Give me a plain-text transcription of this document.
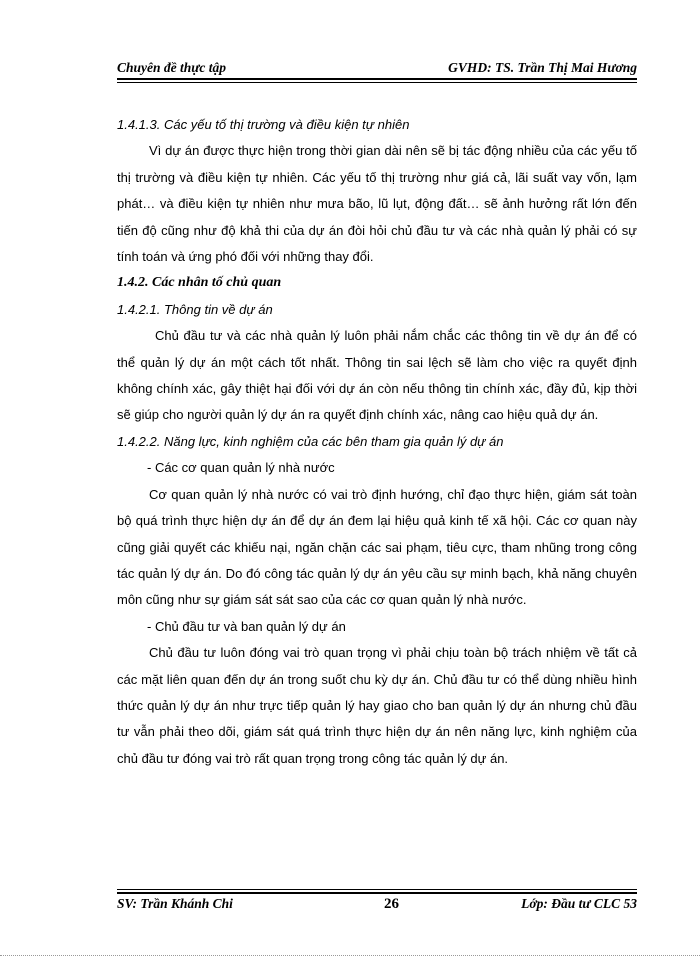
Chuyên đề thực tập	GVHD: TS. Trần Thị Mai Hương

1.4.1.3. Các yếu tố thị trường và điều kiện tự nhiên

Vì dự án được thực hiện trong thời gian dài nên sẽ bị tác động nhiều của các yếu tố thị trường và điều kiện tự nhiên. Các yếu tố thị trường như giá cả, lãi suất vay vốn, lạm phát… và điều kiện tự nhiên như mưa bão, lũ lụt, động đất… sẽ ảnh hưởng rất lớn đến tiến độ cũng như độ khả thi của dự án đòi hỏi chủ đầu tư và các nhà quản lý phải có sự tính toán và ứng phó đối với những thay đổi.

1.4.2. Các nhân tố chủ quan

1.4.2.1. Thông tin về dự án

Chủ đầu tư và các nhà quản lý luôn phải nắm chắc các thông tin về dự án để có thể quản lý dự án một cách tốt nhất. Thông tin sai lệch sẽ làm cho việc ra quyết định không chính xác, gây thiệt hại đối với dự án còn nếu thông tin chính xác, đầy đủ, kịp thời sẽ giúp cho người quản lý dự án ra quyết định chính xác, nâng cao hiệu quả dự án.

1.4.2.2. Năng lực, kinh nghiệm của các bên tham gia quản lý dự án

- Các cơ quan quản lý nhà nước

Cơ quan quản lý nhà nước có vai trò định hướng, chỉ đạo thực hiện, giám sát toàn bộ quá trình thực hiện dự án để dự án đem lại hiệu quả kinh tế xã hội. Các cơ quan này cũng giải quyết các khiếu nại, ngăn chặn các sai phạm, tiêu cực, tham nhũng trong công tác quản lý dự án. Do đó công tác quản lý dự án yêu cầu sự minh bạch, khả năng chuyên môn cũng như sự giám sát sát sao của các cơ quan quản lý nhà nước.

- Chủ đầu tư và ban quản lý dự án

Chủ đầu tư luôn đóng vai trò quan trọng vì phải chịu toàn bộ trách nhiệm về tất cả các mặt liên quan đến dự án trong suốt chu kỳ dự án. Chủ đầu tư có thể dùng nhiều hình thức quản lý dự án như trực tiếp quản lý hay giao cho ban quản lý dự án nhưng chủ đầu tư vẫn phải theo dõi, giám sát quá trình thực hiện dự án nên năng lực, kinh nghiệm của chủ đầu tư đóng vai trò rất quan trọng trong công tác quản lý dự án.

SV: Trần Khánh Chi	26	Lớp: Đầu tư CLC 53
